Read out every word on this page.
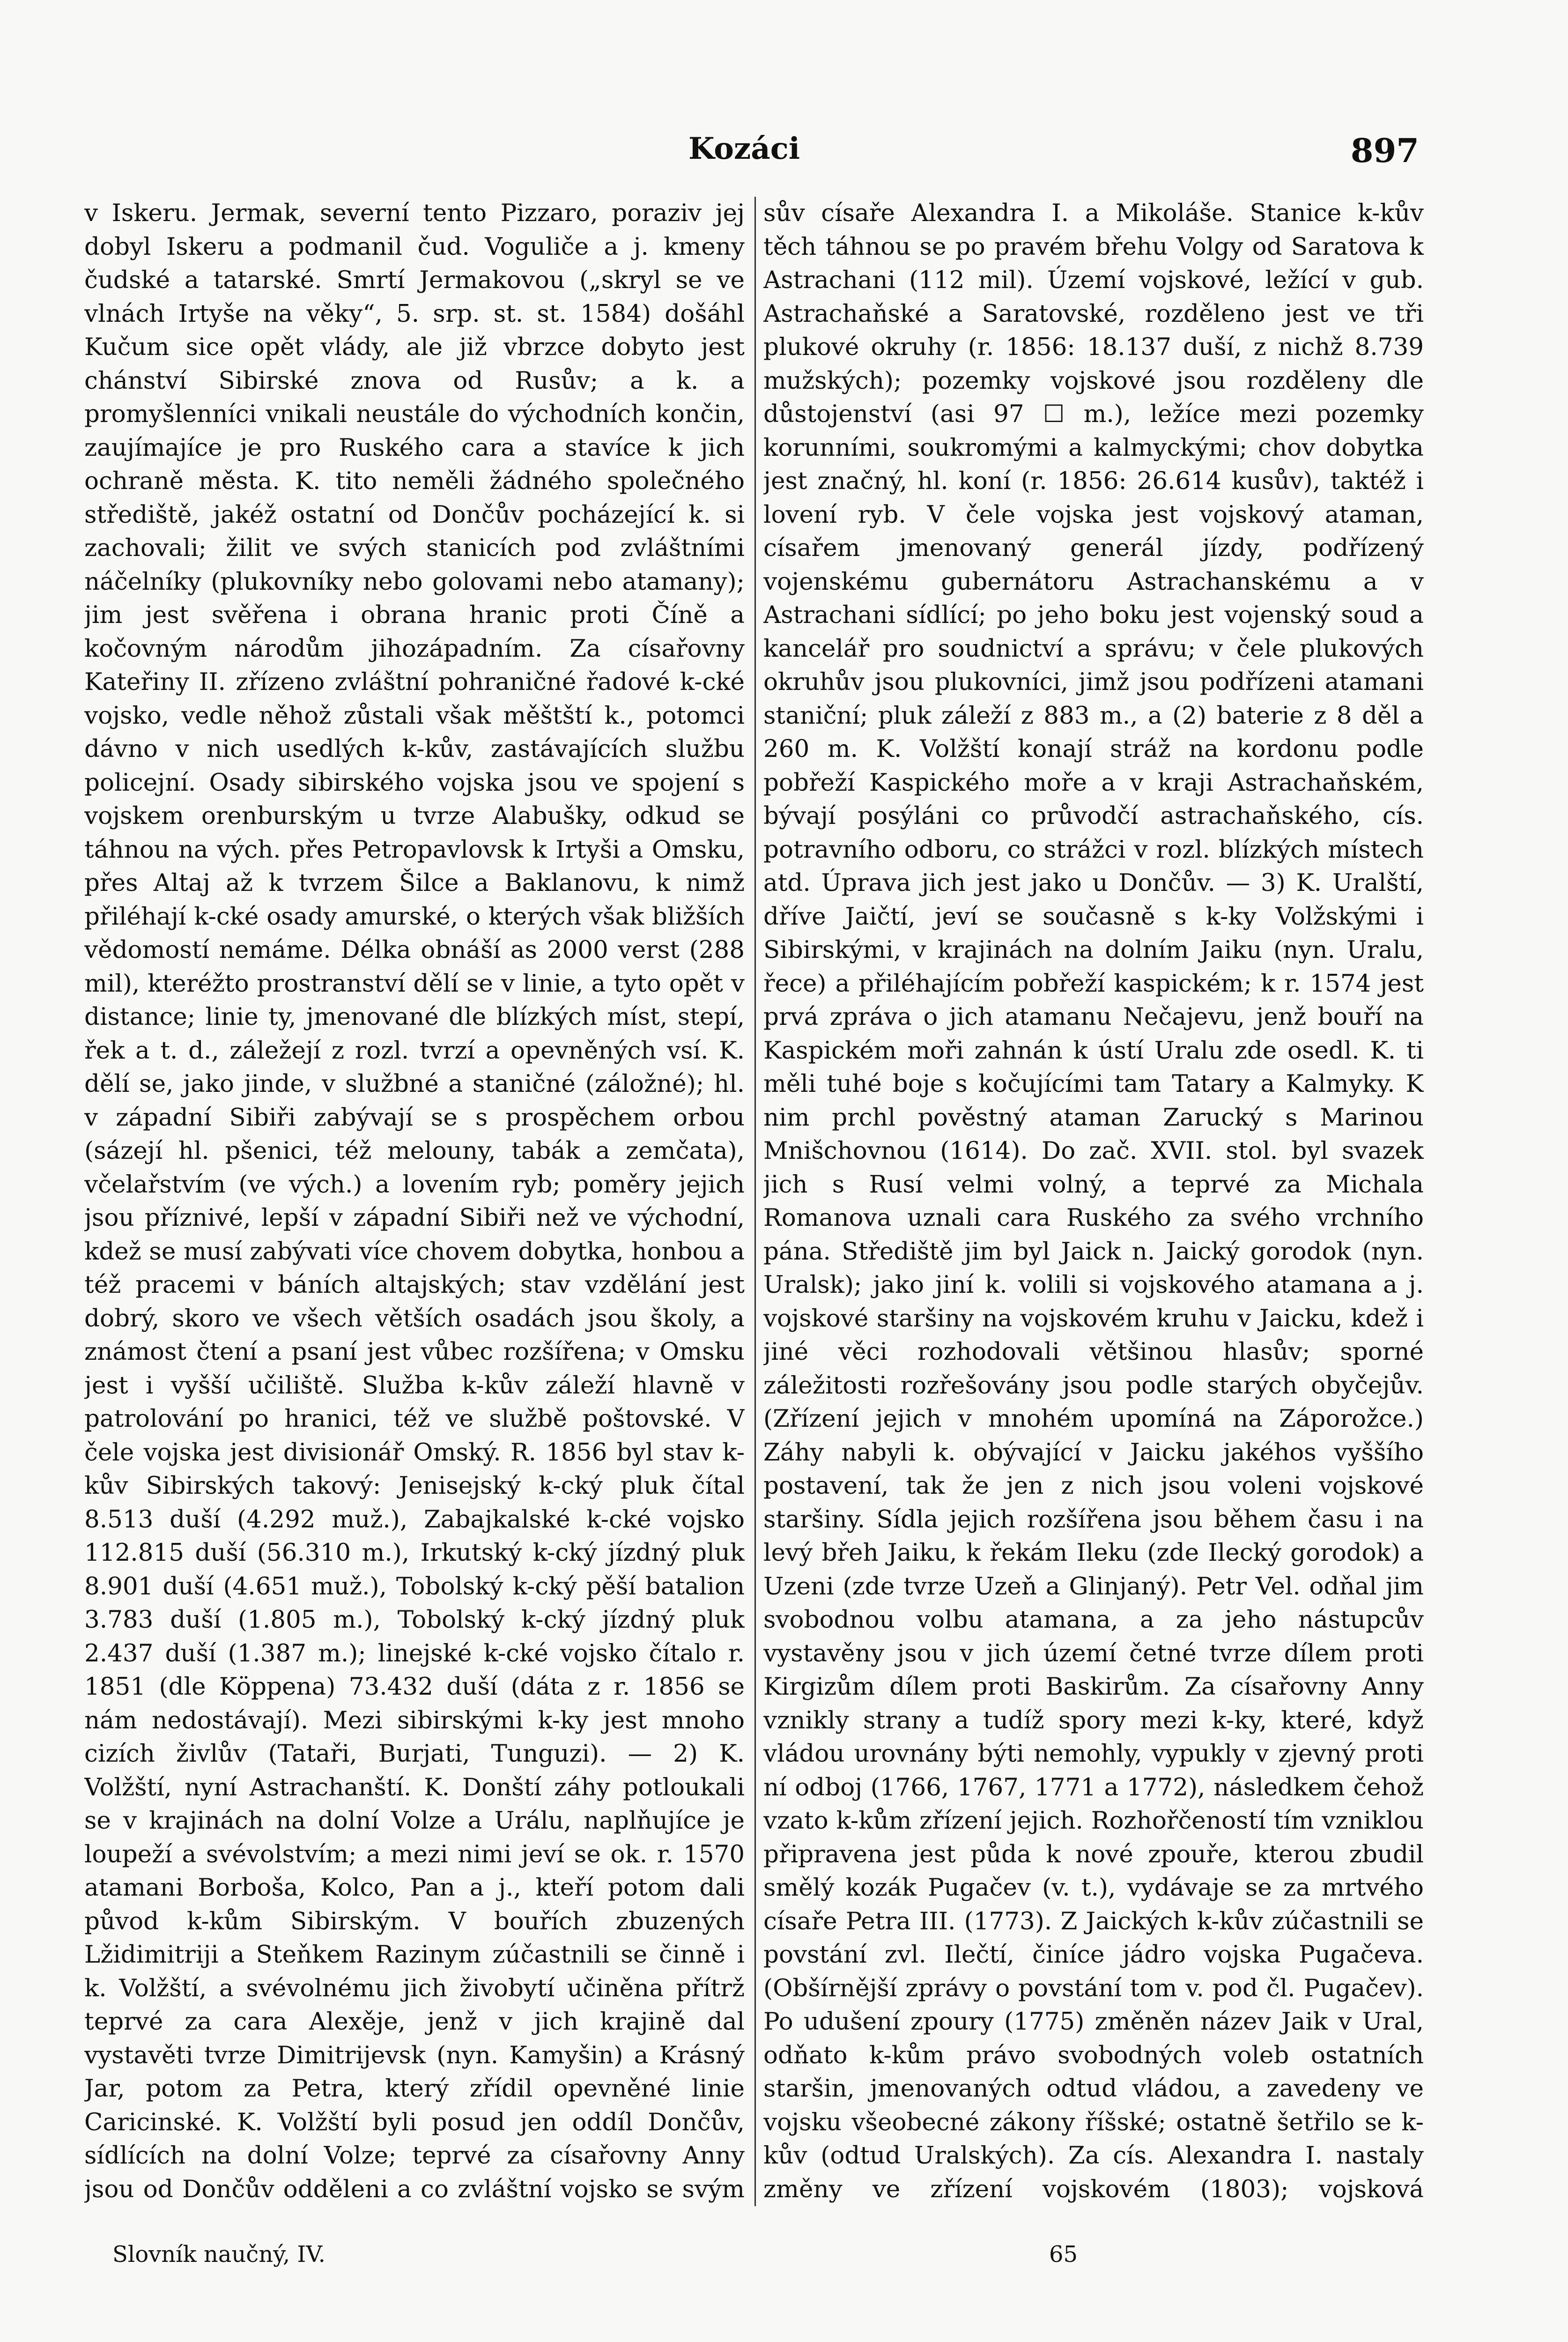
Kozáci	897

v Iskeru. Jermak, severní tento Pizzaro, poraziv jej dobyl Iskeru a podmanil čud. Voguliče a j. kmeny čudské a tatarské. Smrtí Jermakovou („skryl se ve vlnách Irtyše na věky“, 5. srp. st. st. 1584) došáhl Kučum sice opět vlády, ale již vbrzce dobyto jest chánství Sibirské znova od Rusův; a k. a promyšlenníci vnikali neustále do východních končin, zaujímajíce je pro Ruského cara a stavíce k jich ochraně města. K. tito neměli žádného společného střediště, jakéž ostatní od Dončův pocházející k. si zachovali; žilit ve svých stanicích pod zvláštními náčelníky (plukovníky nebo golovami nebo atamany); jim jest svěřena i obrana hranic proti Číně a kočovným národům jihozápadním. Za císařovny Kateřiny II. zřízeno zvláštní pohraničné řadové k-cké vojsko, vedle něhož zůstali však měštští k., potomci dávno v nich usedlých k-kův, zastávajících službu policejní. Osady sibirského vojska jsou ve spojení s vojskem orenburským u tvrze Alabušky, odkud se táhnou na vých. přes Petropavlovsk k Irtyši a Omsku, přes Altaj až k tvrzem Šilce a Baklanovu, k nimž přiléhají k-cké osady amurské, o kterých však bližších vědomostí nemáme. Délka obnáší as 2000 verst (288 mil), kteréžto prostranství dělí se v linie, a tyto opět v distance; linie ty, jmenované dle blízkých míst, stepí, řek a t. d., záležejí z rozl. tvrzí a opevněných vsí. K. dělí se, jako jinde, v službné a staničné (záložné); hl. v západní Sibiři zabývají se s prospěchem orbou (sázejí hl. pšenici, též melouny, tabák a zemčata), včelařstvím (ve vých.) a lovením ryb; poměry jejich jsou příznivé, lepší v západní Sibiři než ve východní, kdež se musí zabývati více chovem dobytka, honbou a též pracemi v báních altajských; stav vzdělání jest dobrý, skoro ve všech větších osadách jsou školy, a známost čtení a psaní jest vůbec rozšířena; v Omsku jest i vyšší učiliště. Služba k-kův záleží hlavně v patrolování po hranici, též ve službě poštovské. V čele vojska jest divisionář Omský. R. 1856 byl stav k-kův Sibirských takový: Jenisejský k-cký pluk čítal 8.513 duší (4.292 muž.), Zabajkalské k-cké vojsko 112.815 duší (56.310 m.), Irkutský k-cký jízdný pluk 8.901 duší (4.651 muž.), Tobolský k-cký pěší batalion 3.783 duší (1.805 m.), Tobolský k-cký jízdný pluk 2.437 duší (1.387 m.); linejské k-cké vojsko čítalo r. 1851 (dle Köppena) 73.432 duší (dáta z r. 1856 se nám nedostávají). Mezi sibirskými k-ky jest mnoho cizích živlův (Tataři, Burjati, Tunguzi). — 2) K. Volžští, nyní Astrachanští. K. Donští záhy potloukali se v krajinách na dolní Volze a Urálu, naplňujíce je loupeží a svévolstvím; a mezi nimi jeví se ok. r. 1570 atamani Borboša, Kolco, Pan a j., kteří potom dali původ k-kům Sibirským. V bouřích zbuzených Lžidimitriji a Steňkem Razinym zúčastnili se činně i k. Volžští, a svévolnému jich živobytí učiněna přítrž teprvé za cara Alexěje, jenž v jich krajině dal vystavěti tvrze Dimitrijevsk (nyn. Kamyšin) a Krásný Jar, potom za Petra, který zřídil opevněné linie Caricinské. K. Volžští byli posud jen oddíl Dončův, sídlících na dolní Volze; teprvé za císařovny Anny jsou od Dončův odděleni a co zvláštní vojsko se svým

sův císaře Alexandra I. a Mikoláše. Stanice k-kův těch táhnou se po pravém břehu Volgy od Saratova k Astrachani (112 mil). Území vojskové, ležící v gub. Astrachaňské a Saratovské, rozděleno jest ve tři plukové okruhy (r. 1856: 18.137 duší, z nichž 8.739 mužských); pozemky vojskové jsou rozděleny dle důstojenství (asi 97 ☐ m.), ležíce mezi pozemky korunními, soukromými a kalmyckými; chov dobytka jest značný, hl. koní (r. 1856: 26.614 kusův), taktéž i lovení ryb. V čele vojska jest vojskový ataman, císařem jmenovaný generál jízdy, podřízený vojenskému gubernátoru Astrachanskému a v Astrachani sídlící; po jeho boku jest vojenský soud a kancelář pro soudnictví a správu; v čele plukových okruhův jsou plukovníci, jimž jsou podřízeni atamani staniční; pluk záleží z 883 m., a (2) baterie z 8 děl a 260 m. K. Volžští konají stráž na kordonu podle pobřeží Kaspického moře a v kraji Astrachaňském, bývají posýláni co průvodčí astrachaňského, cís. potravního odboru, co strážci v rozl. blízkých místech atd. Úprava jich jest jako u Dončův. — 3) K. Uralští, dříve Jaičtí, jeví se současně s k-ky Volžskými i Sibirskými, v krajinách na dolním Jaiku (nyn. Uralu, řece) a přiléhajícím pobřeží kaspickém; k r. 1574 jest prvá zpráva o jich atamanu Nečajevu, jenž bouří na Kaspickém moři zahnán k ústí Uralu zde osedl. K. ti měli tuhé boje s kočujícími tam Tatary a Kalmyky. K nim prchl pověstný ataman Zarucký s Marinou Mnišchovnou (1614). Do zač. XVII. stol. byl svazek jich s Rusí velmi volný, a teprvé za Michala Romanova uznali cara Ruského za svého vrchního pána. Střediště jim byl Jaick n. Jaický gorodok (nyn. Uralsk); jako jiní k. volili si vojskového atamana a j. vojskové staršiny na vojskovém kruhu v Jaicku, kdež i jiné věci rozhodovali většinou hlasův; sporné záležitosti rozřešovány jsou podle starých obyčejův. (Zřízení jejich v mnohém upomíná na Záporožce.) Záhy nabyli k. obývající v Jaicku jakéhos vyššího postavení, tak že jen z nich jsou voleni vojskové staršiny. Sídla jejich rozšířena jsou během času i na levý břeh Jaiku, k řekám Ileku (zde Ilecký gorodok) a Uzeni (zde tvrze Uzeň a Glinjaný). Petr Vel. odňal jim svobodnou volbu atamana, a za jeho nástupcův vystavěny jsou v jich území četné tvrze dílem proti Kirgizům dílem proti Baskirům. Za císařovny Anny vznikly strany a tudíž spory mezi k-ky, které, když vládou urovnány býti nemohly, vypukly v zjevný proti ní odboj (1766, 1767, 1771 a 1772), následkem čehož vzato k-kům zřízení jejich. Rozhořčeností tím vzniklou připravena jest půda k nové zpouře, kterou zbudil smělý kozák Pugačev (v. t.), vydávaje se za mrtvého císaře Petra III. (1773). Z Jaických k-kův zúčastnili se povstání zvl. Ilečtí, činíce jádro vojska Pugačeva. (Obšírnější zprávy o povstání tom v. pod čl. Pugačev). Po udušení zpoury (1775) změněn název Jaik v Ural, odňato k-kům právo svobodných voleb ostatních staršin, jmenovaných odtud vládou, a zavedeny ve vojsku všeobecné zákony říšské; ostatně šetřilo se k-kův (odtud Uralských). Za cís. Alexandra I. nastaly změny ve zřízení vojskovém (1803); vojsková

Slovník naučný, IV.	65
